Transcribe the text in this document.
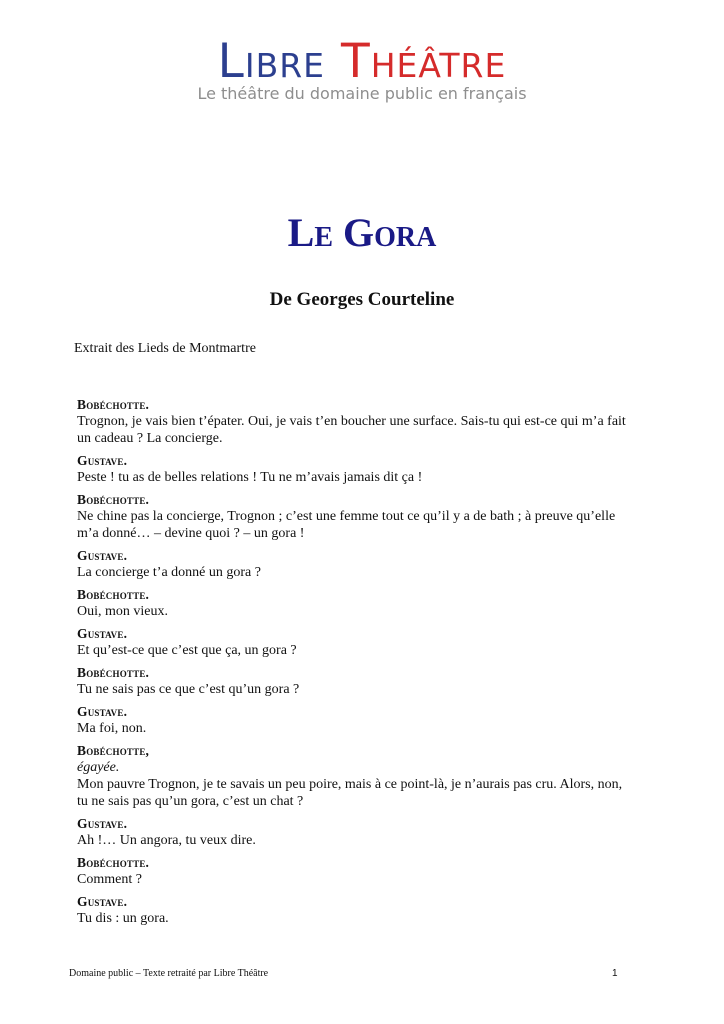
Libre Théâtre
Le théâtre du domaine public en français
Le Gora
De Georges Courteline
Extrait des Lieds de Montmartre
Bobéchotte.
Trognon, je vais bien t’épater. Oui, je vais t’en boucher une surface. Sais-tu qui est-ce qui m’a fait
un cadeau ? La concierge.
Gustave.
Peste ! tu as de belles relations ! Tu ne m’avais jamais dit ça !
Bobéchotte.
Ne chine pas la concierge, Trognon ; c’est une femme tout ce qu’il y a de bath ; à preuve qu’elle
m’a donné… – devine quoi ? – un gora !
Gustave.
La concierge t’a donné un gora ?
Bobéchotte.
Oui, mon vieux.
Gustave.
Et qu’est-ce que c’est que ça, un gora ?
Bobéchotte.
Tu ne sais pas ce que c’est qu’un gora ?
Gustave.
Ma foi, non.
Bobéchotte,
égayée.
Mon pauvre Trognon, je te savais un peu poire, mais à ce point-là, je n’aurais pas cru. Alors, non,
tu ne sais pas qu’un gora, c’est un chat ?
Gustave.
Ah !… Un angora, tu veux dire.
Bobéchotte.
Comment ?
Gustave.
Tu dis : un gora.
Domaine public – Texte retraité par Libre Théâtre	1
